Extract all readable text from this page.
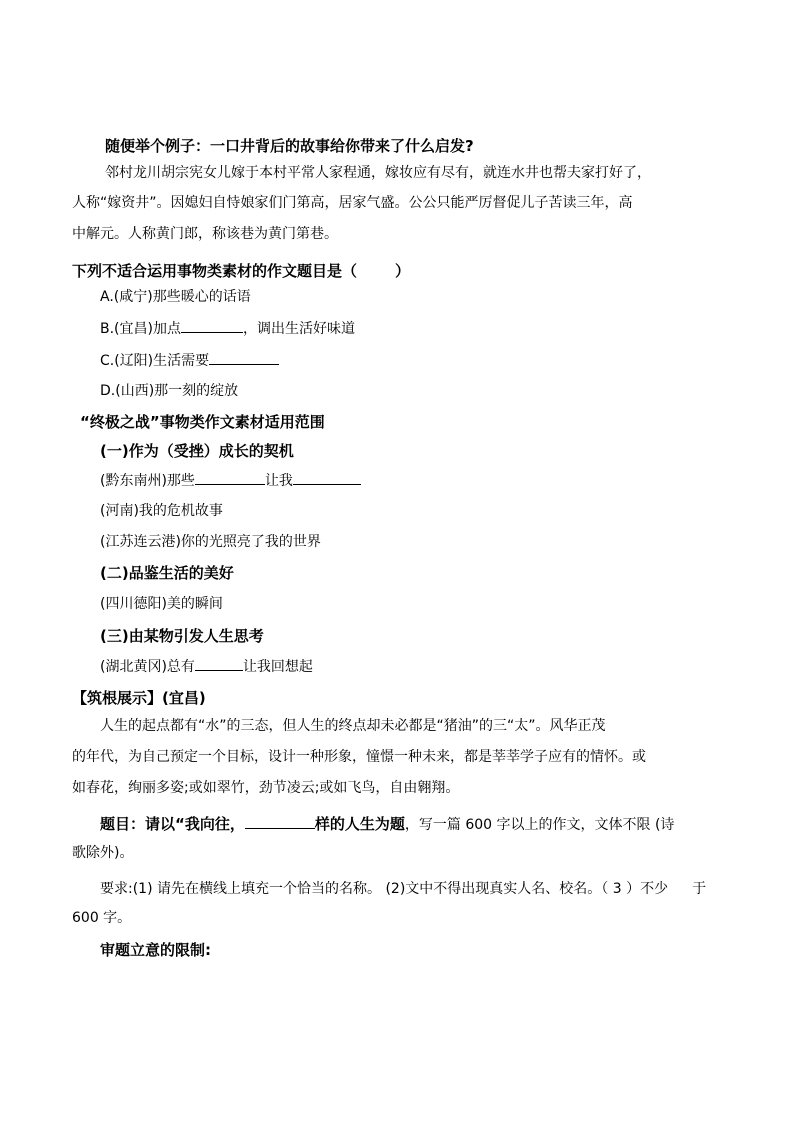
随便举个例子：一口井背后的故事给你带来了什么启发?
邻村龙川胡宗宪女儿嫁于本村平常人家程通，嫁妆应有尽有，就连水井也帮夫家打好了，
人称“嫁资井”。因媳妇自恃娘家们门第高，居家气盛。公公只能严厉督促儿子苦读三年，高
中解元。人称黄门郎，称该巷为黄门第巷。
下列不适合运用事物类素材的作文题目是（	）
A.(咸宁)那些暖心的话语
B.(宜昌)加点	，调出生活好味道
C.(辽阳)生活需要
D.(山西)那一刻的绽放
“终极之战”事物类作文素材适用范围
(一)作为（受挫）成长的契机
(黔东南州)那些	让我
(河南)我的危机故事
(江苏连云港)你的光照亮了我的世界
(二)品鉴生活的美好
(四川德阳)美的瞬间
(三)由某物引发人生思考
(湖北黄冈)总有	让我回想起
【筑根展示】(宜昌)
人生的起点都有“水”的三态，但人生的终点却未必都是“猪油”的三“太”。风华正茂
的年代，为自己预定一个目标，设计一种形象，憧憬一种未来，都是莘莘学子应有的情怀。或
如春花，绚丽多姿;或如翠竹，劲节凌云;或如飞鸟，自由翱翔。
题目：请以“我向往，	样的人生为题，写一篇 600 字以上的作文，文体不限 (诗
歌除外)。
要求:(1) 请先在横线上填充一个恰当的名称。 (2)文中不得出现真实人名、校名。（ 3 ）不少 于
600 字。
审题立意的限制:
